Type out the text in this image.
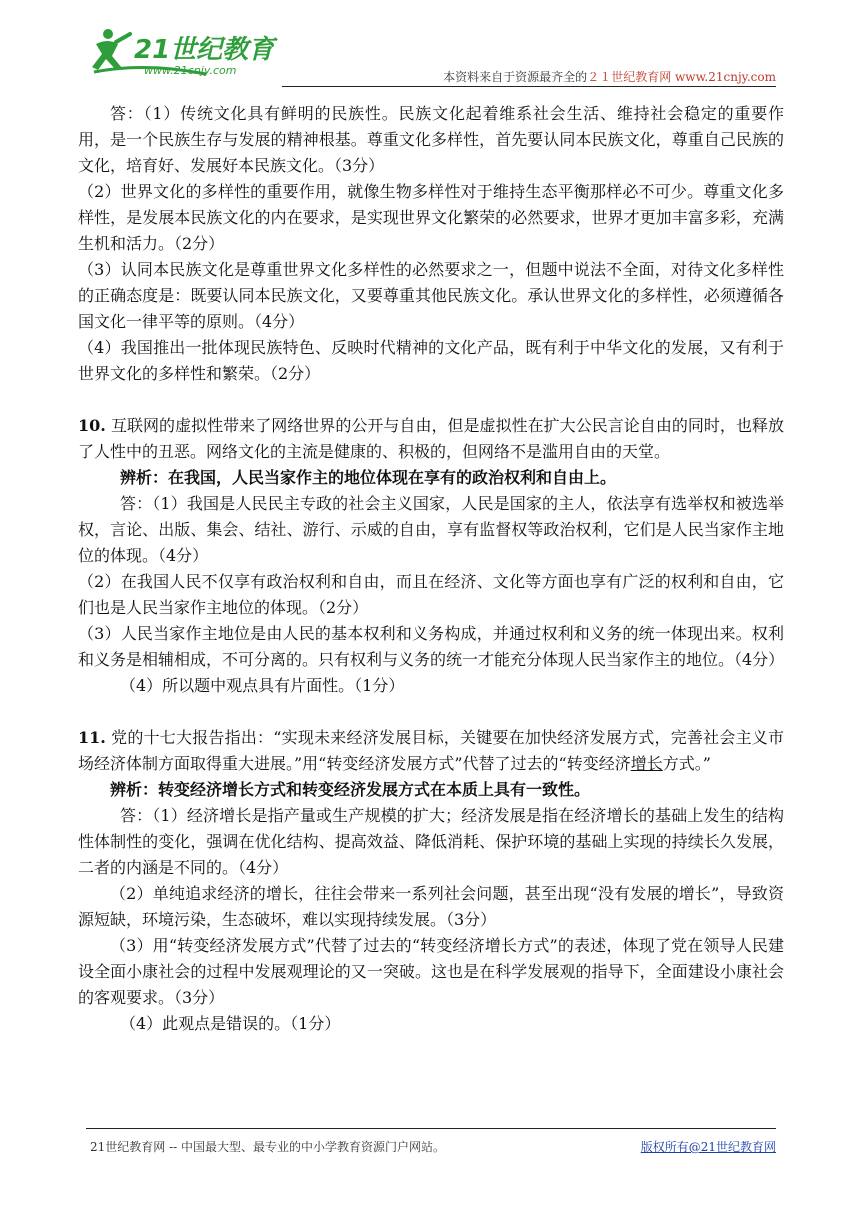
21世纪教育
www.21cnjy.com	本资料来自于资源最齐全的２１世纪教育网 www.21cnjy.com

答：（1）传统文化具有鲜明的民族性。民族文化起着维系社会生活、维持社会稳定的重要作用，是一个民族生存与发展的精神根基。尊重文化多样性，首先要认同本民族文化，尊重自己民族的文化，培育好、发展好本民族文化。（3分）

（2）世界文化的多样性的重要作用，就像生物多样性对于维持生态平衡那样必不可少。尊重文化多样性，是发展本民族文化的内在要求，是实现世界文化繁荣的必然要求，世界才更加丰富多彩，充满生机和活力。（2分）

（3）认同本民族文化是尊重世界文化多样性的必然要求之一，但题中说法不全面，对待文化多样性的正确态度是：既要认同本民族文化，又要尊重其他民族文化。承认世界文化的多样性，必须遵循各国文化一律平等的原则。（4分）

（4）我国推出一批体现民族特色、反映时代精神的文化产品，既有利于中华文化的发展，又有利于世界文化的多样性和繁荣。（2分）

10. 互联网的虚拟性带来了网络世界的公开与自由，但是虚拟性在扩大公民言论自由的同时，也释放了人性中的丑恶。网络文化的主流是健康的、积极的，但网络不是滥用自由的天堂。

辨析：在我国，人民当家作主的地位体现在享有的政治权利和自由上。

答：（1）我国是人民民主专政的社会主义国家，人民是国家的主人，依法享有选举权和被选举权，言论、出版、集会、结社、游行、示威的自由，享有监督权等政治权利，它们是人民当家作主地位的体现。（4分）

（2）在我国人民不仅享有政治权利和自由，而且在经济、文化等方面也享有广泛的权利和自由，它们也是人民当家作主地位的体现。（2分）

（3）人民当家作主地位是由人民的基本权利和义务构成，并通过权利和义务的统一体现出来。权利和义务是相辅相成，不可分离的。只有权利与义务的统一才能充分体现人民当家作主的地位。（4分）

（4）所以题中观点具有片面性。（1分）

11. 党的十七大报告指出：“实现未来经济发展目标，关键要在加快经济发展方式，完善社会主义市场经济体制方面取得重大进展。”用“转变经济发展方式”代替了过去的“转变经济增长方式。”

辨析：转变经济增长方式和转变经济发展方式在本质上具有一致性。

答：（1）经济增长是指产量或生产规模的扩大；经济发展是指在经济增长的基础上发生的结构性体制性的变化，强调在优化结构、提高效益、降低消耗、保护环境的基础上实现的持续长久发展，二者的内涵是不同的。（4分）

（2）单纯追求经济的增长，往往会带来一系列社会问题，甚至出现“没有发展的增长”，导致资源短缺，环境污染，生态破坏，难以实现持续发展。（3分）

（3）用“转变经济发展方式”代替了过去的“转变经济增长方式”的表述，体现了党在领导人民建设全面小康社会的过程中发展观理论的又一突破。这也是在科学发展观的指导下，全面建设小康社会的客观要求。（3分）

（4）此观点是错误的。（1分）

21世纪教育网 -- 中国最大型、最专业的中小学教育资源门户网站。	版权所有@21世纪教育网
